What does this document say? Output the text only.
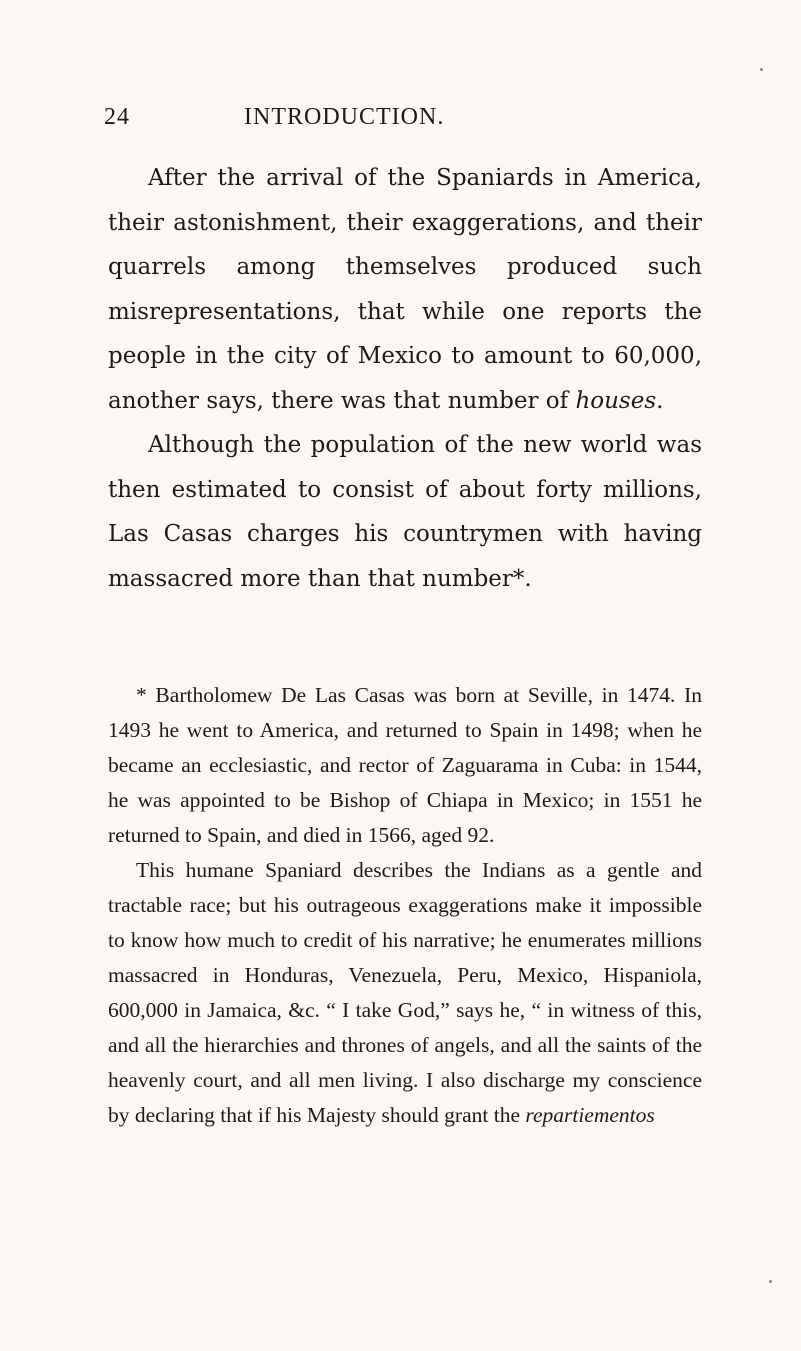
24	INTRODUCTION.

After the arrival of the Spaniards in America, their astonishment, their exaggerations, and their quarrels among themselves produced such misrepresentations, that while one reports the people in the city of Mexico to amount to 60,000, another says, there was that number of houses.

Although the population of the new world was then estimated to consist of about forty millions, Las Casas charges his countrymen with having massacred more than that number*.

* Bartholomew De Las Casas was born at Seville, in 1474. In 1493 he went to America, and returned to Spain in 1498; when he became an ecclesiastic, and rector of Zaguarama in Cuba: in 1544, he was appointed to be Bishop of Chiapa in Mexico; in 1551 he returned to Spain, and died in 1566, aged 92.

This humane Spaniard describes the Indians as a gentle and tractable race; but his outrageous exaggerations make it impossible to know how much to credit of his narrative; he enumerates millions massacred in Honduras, Venezuela, Peru, Mexico, Hispaniola, 600,000 in Jamaica, &c. “ I take God,” says he, “ in witness of this, and all the hierarchies and thrones of angels, and all the saints of the heavenly court, and all men living. I also discharge my conscience by declaring that if his Majesty should grant the repartiementos
